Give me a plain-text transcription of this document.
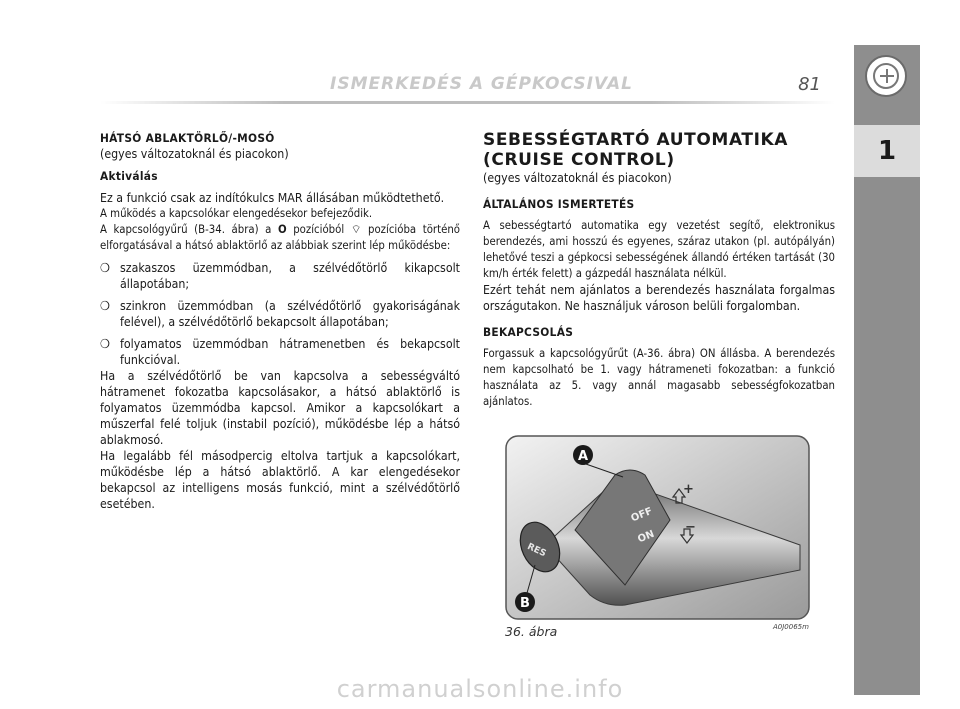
ISMERKEDÉS A GÉPKOCSIVAL	81
1
HÁTSÓ ABLAKTÖRLŐ/-MOSÓ

(egyes változatoknál és piacokon)

Aktiválás

Ez a funkció csak az indítókulcs MAR állásában működtethető.

A működés a kapcsolókar elengedésekor befejeződik.

A kapcsológyűrű (B-34. ábra) a O pozícióból ⌔ pozícióba történő elforgatásával a hátsó ablaktörlő az alábbiak szerint lép működésbe:

❍ szakaszos üzemmódban, a szélvédőtörlő kikapcsolt állapotában;
❍ szinkron üzemmódban (a szélvédőtörlő gyakoriságának felével), a szélvédőtörlő bekapcsolt állapotában;
❍ folyamatos üzemmódban hátramenetben és bekapcsolt funkcióval.

Ha a szélvédőtörlő be van kapcsolva a sebességváltó hátramenet fokozatba kapcsolásakor, a hátsó ablaktörlő is folyamatos üzemmódba kapcsol. Amikor a kapcsolókart a műszerfal felé toljuk (instabil pozíció), működésbe lép a hátsó ablakmosó.

Ha legalább fél másodpercig eltolva tartjuk a kapcsolókart, működésbe lép a hátsó ablaktörlő. A kar elengedésekor bekapcsol az intelligens mosás funkció, mint a szélvédőtörlő esetében.

SEBESSÉGTARTÓ AUTOMATIKA
(CRUISE CONTROL)

(egyes változatoknál és piacokon)

ÁLTALÁNOS ISMERTETÉS

A sebességtartó automatika egy vezetést segítő, elektronikus berendezés, ami hosszú és egyenes, száraz utakon (pl. autópályán) lehetővé teszi a gépkocsi sebességének állandó értéken tartását (30 km/h érték felett) a gázpedál használata nélkül.

Ezért tehát nem ajánlatos a berendezés használata forgalmas országutakon. Ne használjuk városon belüli forgalomban.

BEKAPCSOLÁS

Forgassuk a kapcsológyűrűt (A-36. ábra) ON állásba. A berendezés nem kapcsolható be 1. vagy hátrameneti fokozatban: a funkció használata az 5. vagy annál magasabb sebességfokozatban ajánlatos.

RES
OFF
ON
+
−
A
B
36. ábra	A0J0065m
carmanualsonline.info
